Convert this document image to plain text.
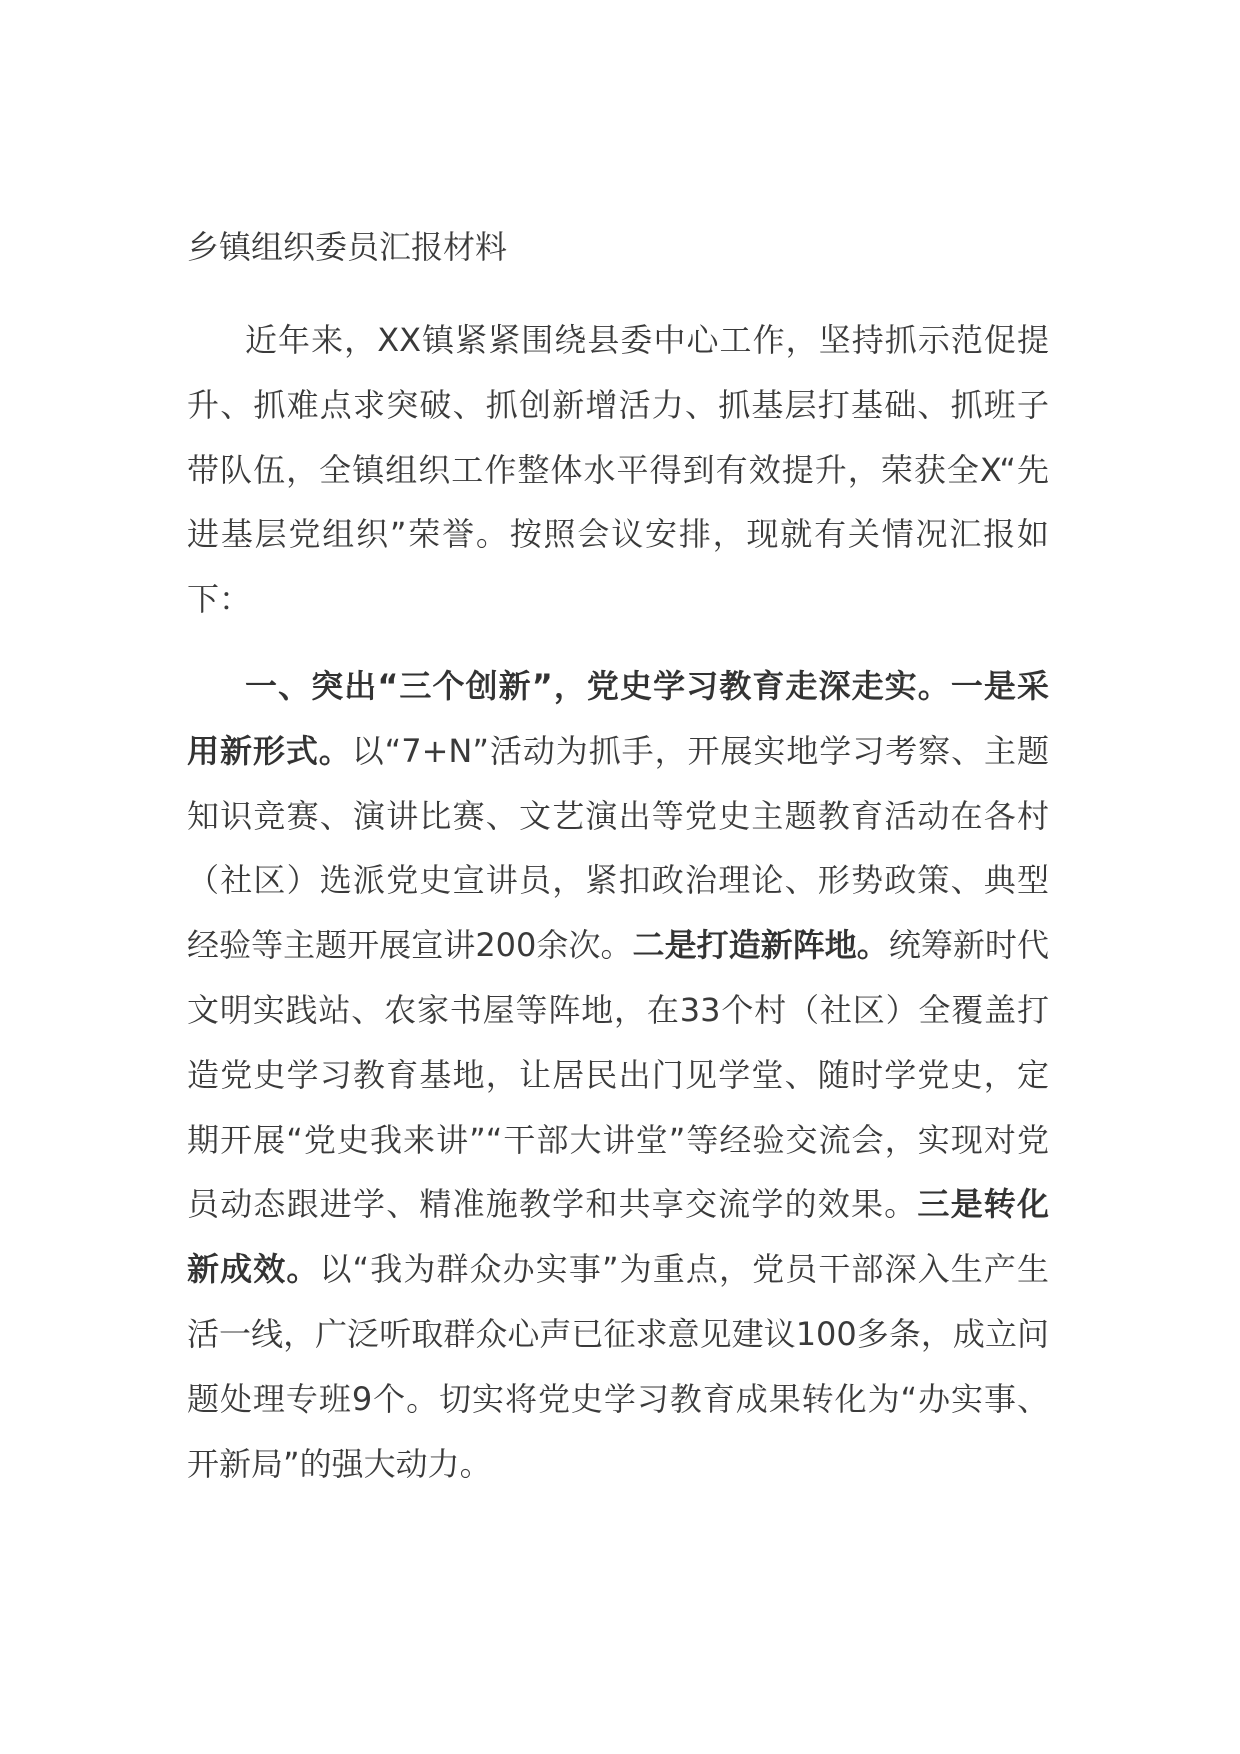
乡镇组织委员汇报材料

近年来，XX镇紧紧围绕县委中心工作，坚持抓示范促提升、抓难点求突破、抓创新增活力、抓基层打基础、抓班子带队伍，全镇组织工作整体水平得到有效提升，荣获全X“先进基层党组织”荣誉。按照会议安排，现就有关情况汇报如下：

一、突出“三个创新”，党史学习教育走深走实。一是采用新形式。以“7+N”活动为抓手，开展实地学习考察、主题知识竞赛、演讲比赛、文艺演出等党史主题教育活动在各村（社区）选派党史宣讲员，紧扣政治理论、形势政策、典型经验等主题开展宣讲200余次。二是打造新阵地。统筹新时代文明实践站、农家书屋等阵地，在33个村（社区）全覆盖打造党史学习教育基地，让居民出门见学堂、随时学党史，定期开展“党史我来讲”“干部大讲堂”等经验交流会，实现对党员动态跟进学、精准施教学和共享交流学的效果。三是转化新成效。以“我为群众办实事”为重点，党员干部深入生产生活一线，广泛听取群众心声已征求意见建议100多条，成立问题处理专班9个。切实将党史学习教育成果转化为“办实事、开新局”的强大动力。
